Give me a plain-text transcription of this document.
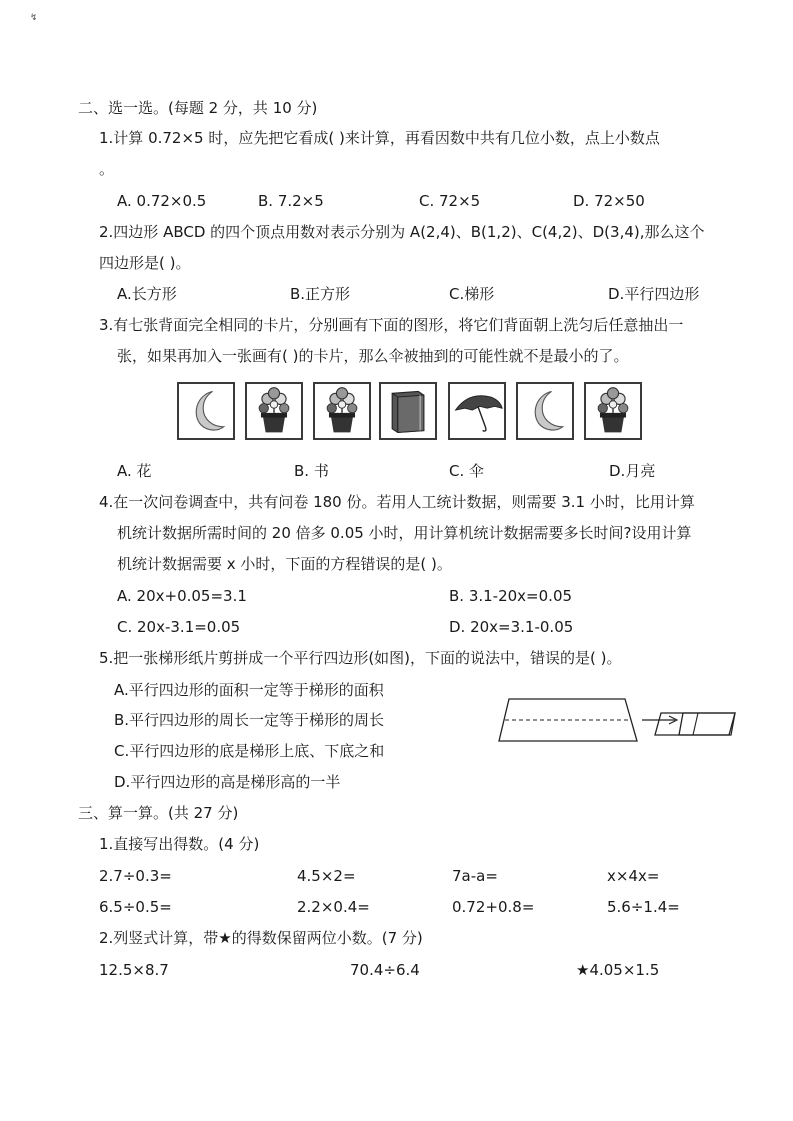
↯
二、选一选。(每题 2 分，共 10 分)
1.计算 0.72×5 时，应先把它看成( )来计算，再看因数中共有几位小数，点上小数点
。
A. 0.72×0.5	B. 7.2×5	C. 72×5	D. 72×50
2.四边形 ABCD 的四个顶点用数对表示分别为 A(2,4)、B(1,2)、C(4,2)、D(3,4),那么这个
四边形是( )。
A.长方形	B.正方形	C.梯形	D.平行四边形
3.有七张背面完全相同的卡片，分别画有下面的图形，将它们背面朝上洗匀后任意抽出一
张，如果再加入一张画有( )的卡片，那么伞被抽到的可能性就不是最小的了。
A. 花	B. 书	C. 伞	D.月亮
4.在一次问卷调查中，共有问卷 180 份。若用人工统计数据，则需要 3.1 小时，比用计算
机统计数据所需时间的 20 倍多 0.05 小时，用计算机统计数据需要多长时间?设用计算
机统计数据需要 x 小时，下面的方程错误的是( )。
A. 20x+0.05=3.1	B. 3.1-20x=0.05
C. 20x-3.1=0.05	D. 20x=3.1-0.05
5.把一张梯形纸片剪拼成一个平行四边形(如图)，下面的说法中，错误的是( )。
A.平行四边形的面积一定等于梯形的面积
B.平行四边形的周长一定等于梯形的周长
C.平行四边形的底是梯形上底、下底之和
D.平行四边形的高是梯形高的一半
三、算一算。(共 27 分)
1.直接写出得数。(4 分)
2.7÷0.3=	4.5×2=	7a-a=	x×4x=
6.5÷0.5=	2.2×0.4=	0.72+0.8=	5.6÷1.4=
2.列竖式计算，带★的得数保留两位小数。(7 分)
12.5×8.7	70.4÷6.4	★4.05×1.5
